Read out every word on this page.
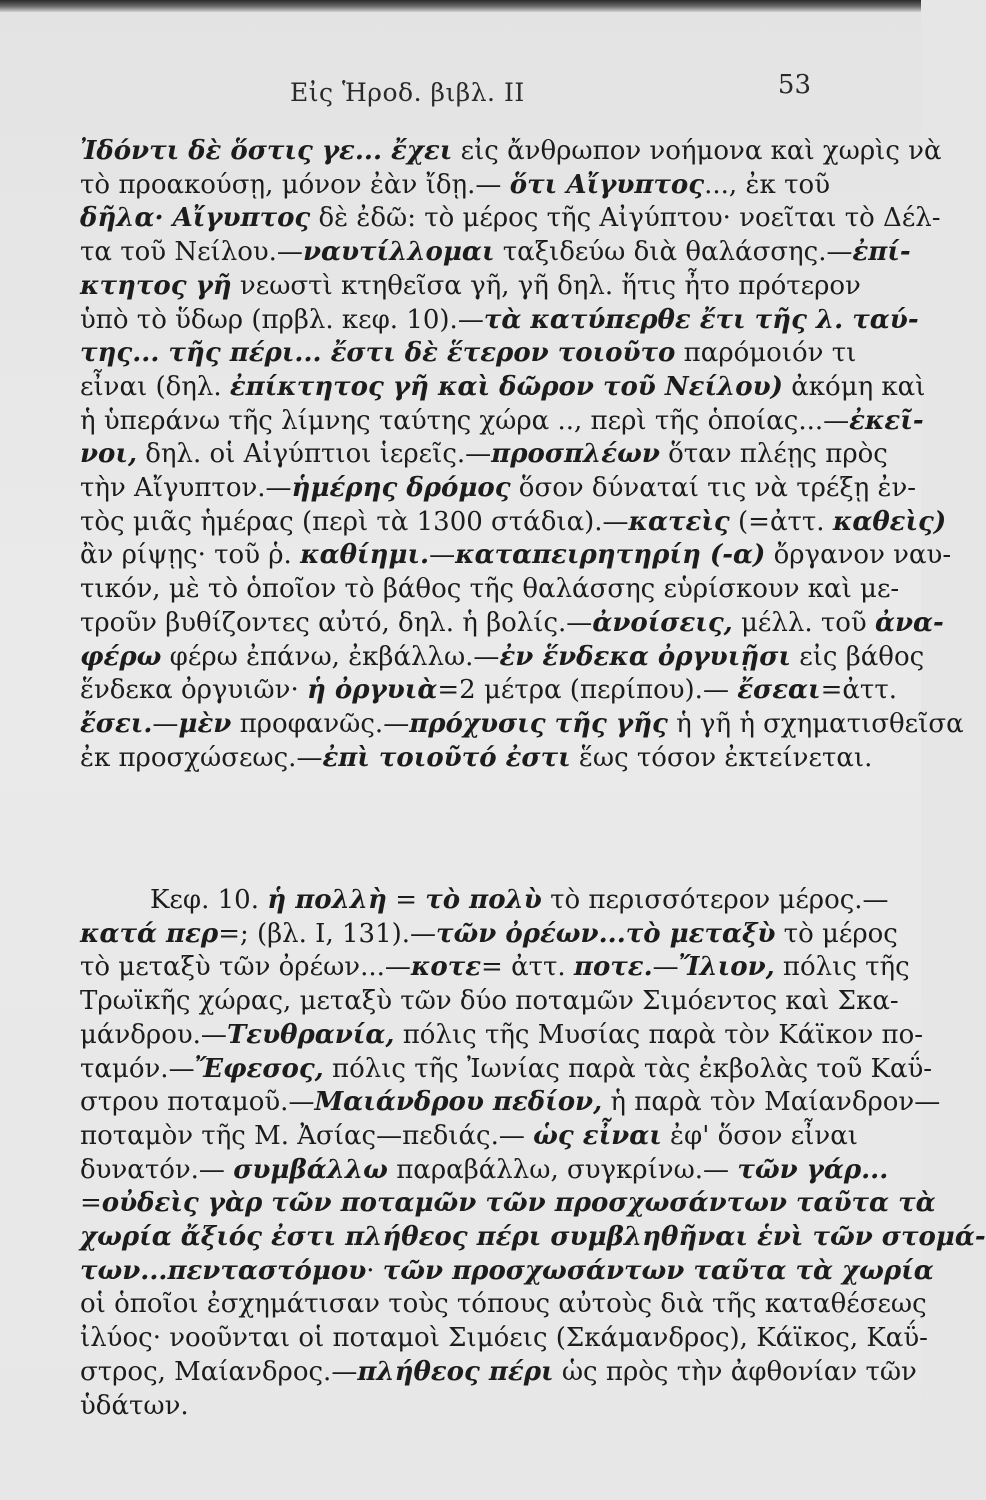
Εἰς Ἡροδ. βιβλ. ΙΙ	53
Ἰδόντι δὲ ὅστις γε... ἔχει εἰς ἄνθρωπον νοήμονα καὶ χωρὶς νὰ
τὸ προακούσῃ, μόνον ἐὰν ἴδῃ.— ὅτι Αἴγυπτος..., ἐκ τοῦ
δῆλα· Αἴγυπτος δὲ ἐδῶ: τὸ μέρος τῆς Αἰγύπτου· νοεῖται τὸ Δέλ-
τα τοῦ Νείλου.—ναυτίλλομαι ταξιδεύω διὰ θαλάσσης.—ἐπί-
κτητος γῆ νεωστὶ κτηθεῖσα γῆ, γῆ δηλ. ἥτις ἦτο πρότερον
ὑπὸ τὸ ὕδωρ (πρβλ. κεφ. 10).—τὰ κατύπερθε ἔτι τῆς λ. ταύ-
της... τῆς πέρι... ἔστι δὲ ἕτερον τοιοῦτο παρόμοιόν τι
εἶναι (δηλ. ἐπίκτητος γῆ καὶ δῶρον τοῦ Νείλου) ἀκόμη καὶ
ἡ ὑπεράνω τῆς λίμνης ταύτης χώρα .., περὶ τῆς ὁποίας...—ἐκεῖ-
νοι, δηλ. οἱ Αἰγύπτιοι ἱερεῖς.—προσπλέων ὅταν πλέῃς πρὸς
τὴν Αἴγυπτον.—ἡμέρης δρόμος ὅσον δύναταί τις νὰ τρέξῃ ἐν-
τὸς μιᾶς ἡμέρας (περὶ τὰ 1300 στάδια).—κατεὶς (=ἀττ. καθεὶς)
ἂν ρίψῃς· τοῦ ῥ. καθίημι.—καταπειρητηρίη (-α) ὄργανον ναυ-
τικόν, μὲ τὸ ὁποῖον τὸ βάθος τῆς θαλάσσης εὑρίσκουν καὶ με-
τροῦν βυθίζοντες αὐτό, δηλ. ἡ βολίς.—ἀνοίσεις, μέλλ. τοῦ ἀνα-
φέρω φέρω ἐπάνω, ἐκβάλλω.—ἐν ἕνδεκα ὀργυιῇσι εἰς βάθος
ἕνδεκα ὀργυιῶν· ἡ ὀργυιὰ=2 μέτρα (περίπου).— ἔσεαι=ἀττ.
ἔσει.—μὲν προφανῶς.—πρόχυσις τῆς γῆς ἡ γῆ ἡ σχηματισθεῖσα
ἐκ προσχώσεως.—ἐπὶ τοιοῦτό ἐστι ἕως τόσον ἐκτείνεται.
Κεφ. 10. ἡ πολλὴ = τὸ πολὺ τὸ περισσότερον μέρος.—
κατά περ=; (βλ. Ι, 131).—τῶν ὀρέων...τὸ μεταξὺ τὸ μέρος
τὸ μεταξὺ τῶν ὀρέων...—κοτε= ἀττ. ποτε.—Ἴλιον, πόλις τῆς
Τρωϊκῆς χώρας, μεταξὺ τῶν δύο ποταμῶν Σιμόεντος καὶ Σκα-
μάνδρου.—Τευθρανία, πόλις τῆς Μυσίας παρὰ τὸν Κάϊκον πο-
ταμόν.—Ἔφεσος, πόλις τῆς Ἰωνίας παρὰ τὰς ἐκβολὰς τοῦ Καΰ-
στρου ποταμοῦ.—Μαιάνδρου πεδίον, ἡ παρὰ τὸν Μαίανδρον—
ποταμὸν τῆς Μ. Ἀσίας—πεδιάς.— ὡς εἶναι ἐφ' ὅσον εἶναι
δυνατόν.— συμβάλλω παραβάλλω, συγκρίνω.— τῶν γάρ...
=οὐδεὶς γὰρ τῶν ποταμῶν τῶν προσχωσάντων ταῦτα τὰ
χωρία ἄξιός ἐστι πλήθεος πέρι συμβληθῆναι ἑνὶ τῶν στομά-
των...πενταστόμου· τῶν προσχωσάντων ταῦτα τὰ χωρία
οἱ ὁποῖοι ἐσχημάτισαν τοὺς τόπους αὐτοὺς διὰ τῆς καταθέσεως
ἰλύος· νοοῦνται οἱ ποταμοὶ Σιμόεις (Σκάμανδρος), Κάϊκος, Καΰ-
στρος, Μαίανδρος.—πλήθεος πέρι ὡς πρὸς τὴν ἀφθονίαν τῶν
ὑδάτων.
